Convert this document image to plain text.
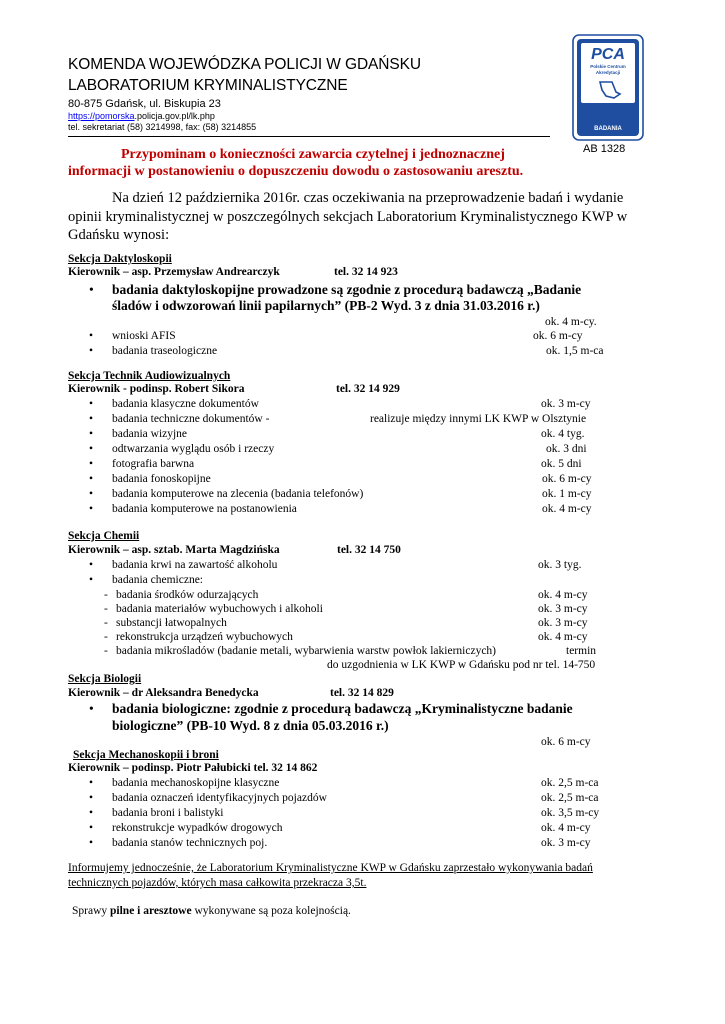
KOMENDA WOJEWÓDZKA POLICJI W GDAŃSKU
LABORATORIUM KRYMINALISTYCZNE
80-875 Gdańsk, ul. Biskupia 23
https://pomorska.policja.gov.pl/lk.php
tel. sekretariat (58) 3214998, fax: (58) 3214855
PCA
Polskie Centrum
Akredytacji
BADANIA
AB 1328
Przypominam o konieczności zawarcia czytelnej i jednoznacznej
informacji w postanowieniu o dopuszczeniu dowodu o zastosowaniu aresztu.
Na dzień 12 października 2016r. czas oczekiwania na przeprowadzenie badań i wydanie
opinii kryminalistycznej w poszczególnych sekcjach Laboratorium Kryminalistycznego KWP w
Gdańsku wynosi:
Sekcja Daktyloskopii
Kierownik – asp. Przemysław Andrearczyk	tel. 32 14 923
• badania daktyloskopijne prowadzone są zgodnie z procedurą badawczą „Badanie
śladów i odwzorowań linii papilarnych” (PB-2 Wyd. 3 z dnia 31.03.2016 r.)
ok. 4 m-cy.
• wnioski AFIS	ok. 6 m-cy
• badania traseologiczne	ok. 1,5 m-ca
Sekcja Technik Audiowizualnych
Kierownik - podinsp. Robert Sikora	tel. 32 14 929
• badania klasyczne dokumentów	ok. 3 m-cy
• badania techniczne dokumentów -	realizuje między innymi LK KWP w Olsztynie
• badania wizyjne	ok. 4 tyg.
• odtwarzania wyglądu osób i rzeczy	ok. 3 dni
• fotografia barwna	ok. 5 dni
• badania fonoskopijne	ok. 6 m-cy
• badania komputerowe na zlecenia (badania telefonów)	ok. 1 m-cy
• badania komputerowe na postanowienia	ok. 4 m-cy
Sekcja Chemii
Kierownik – asp. sztab. Marta Magdzińska	tel. 32 14 750
• badania krwi na zawartość alkoholu	ok. 3 tyg.
• badania chemiczne:
- badania środków odurzających	ok. 4 m-cy
- badania materiałów wybuchowych i alkoholi	ok. 3 m-cy
- substancji łatwopalnych	ok. 3 m-cy
- rekonstrukcja urządzeń wybuchowych	ok. 4 m-cy
- badania mikrośladów (badanie metali, wybarwienia warstw powłok lakierniczych)	termin
do uzgodnienia w LK KWP w Gdańsku pod nr tel. 14-750
Sekcja Biologii
Kierownik – dr Aleksandra Benedycka	tel. 32 14 829
• badania biologiczne: zgodnie z procedurą badawczą „Kryminalistyczne badanie
biologiczne” (PB-10 Wyd. 8 z dnia 05.03.2016 r.)
ok. 6 m-cy
Sekcja Mechanoskopii i broni
Kierownik – podinsp. Piotr Pałubicki tel. 32 14 862
• badania mechanoskopijne klasyczne	ok. 2,5 m-ca
• badania oznaczeń identyfikacyjnych pojazdów	ok. 2,5 m-ca
• badania broni i balistyki	ok. 3,5 m-cy
• rekonstrukcje wypadków drogowych	ok. 4 m-cy
• badania stanów technicznych poj.	ok. 3 m-cy
Informujemy jednocześnie, że Laboratorium Kryminalistyczne KWP w Gdańsku zaprzestało wykonywania badań
technicznych pojazdów, których masa całkowita przekracza 3,5t.
Sprawy pilne i aresztowe wykonywane są poza kolejnością.
